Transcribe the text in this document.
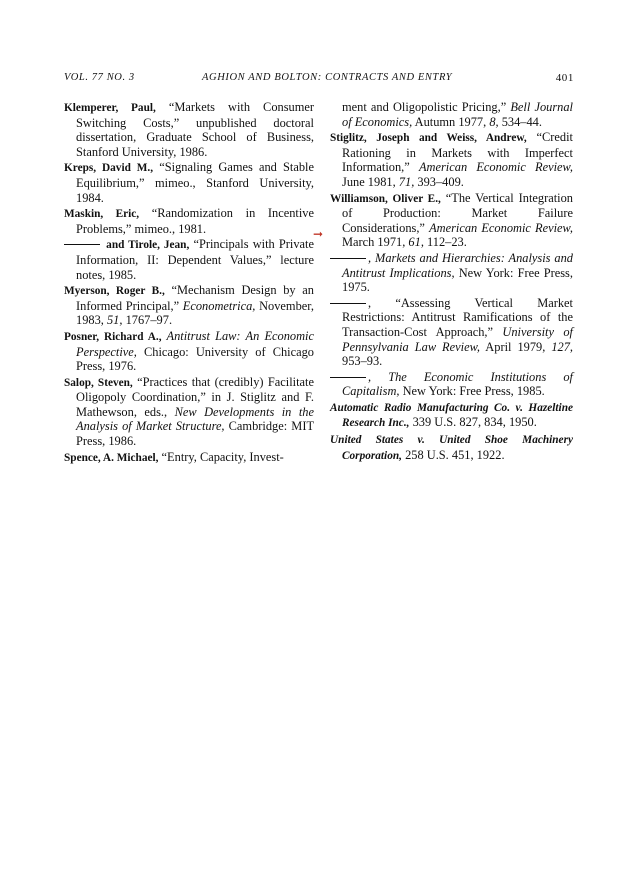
VOL. 77 NO. 3	AGHION AND BOLTON: CONTRACTS AND ENTRY	401

Klemperer, Paul, “Markets with Consumer Switching Costs,” unpublished doctoral dissertation, Graduate School of Business, Stanford University, 1986.

Kreps, David M., “Signaling Games and Stable Equilibrium,” mimeo., Stanford University, 1984.

Maskin, Eric, “Randomization in Incentive Problems,” mimeo., 1981.

and Tirole, Jean, “Principals with Private Information, II: Dependent Values,” lecture notes, 1985.

Myerson, Roger B., “Mechanism Design by an Informed Principal,” Econometrica, November, 1983, 51, 1767–97.

Posner, Richard A., Antitrust Law: An Economic Perspective, Chicago: University of Chicago Press, 1976.

Salop, Steven, “Practices that (credibly) Facilitate Oligopoly Coordination,” in J. Stiglitz and F. Mathewson, eds., New Developments in the Analysis of Market Structure, Cambridge: MIT Press, 1986.

Spence, A. Michael, “Entry, Capacity, Invest-

➞

ment and Oligopolistic Pricing,” Bell Journal of Economics, Autumn 1977, 8, 534–44.

Stiglitz, Joseph and Weiss, Andrew, “Credit Rationing in Markets with Imperfect Information,” American Economic Review, June 1981, 71, 393–409.

Williamson, Oliver E., “The Vertical Integration of Production: Market Failure Considerations,” American Economic Review, March 1971, 61, 112–23.

, Markets and Hierarchies: Analysis and Antitrust Implications, New York: Free Press, 1975.

, “Assessing Vertical Market Restrictions: Antitrust Ramifications of the Transaction-Cost Approach,” University of Pennsylvania Law Review, April 1979, 127, 953–93.

, The Economic Institutions of Capitalism, New York: Free Press, 1985.

Automatic Radio Manufacturing Co. v. Hazeltine Research Inc., 339 U.S. 827, 834, 1950.

United States v. United Shoe Machinery Corporation, 258 U.S. 451, 1922.
